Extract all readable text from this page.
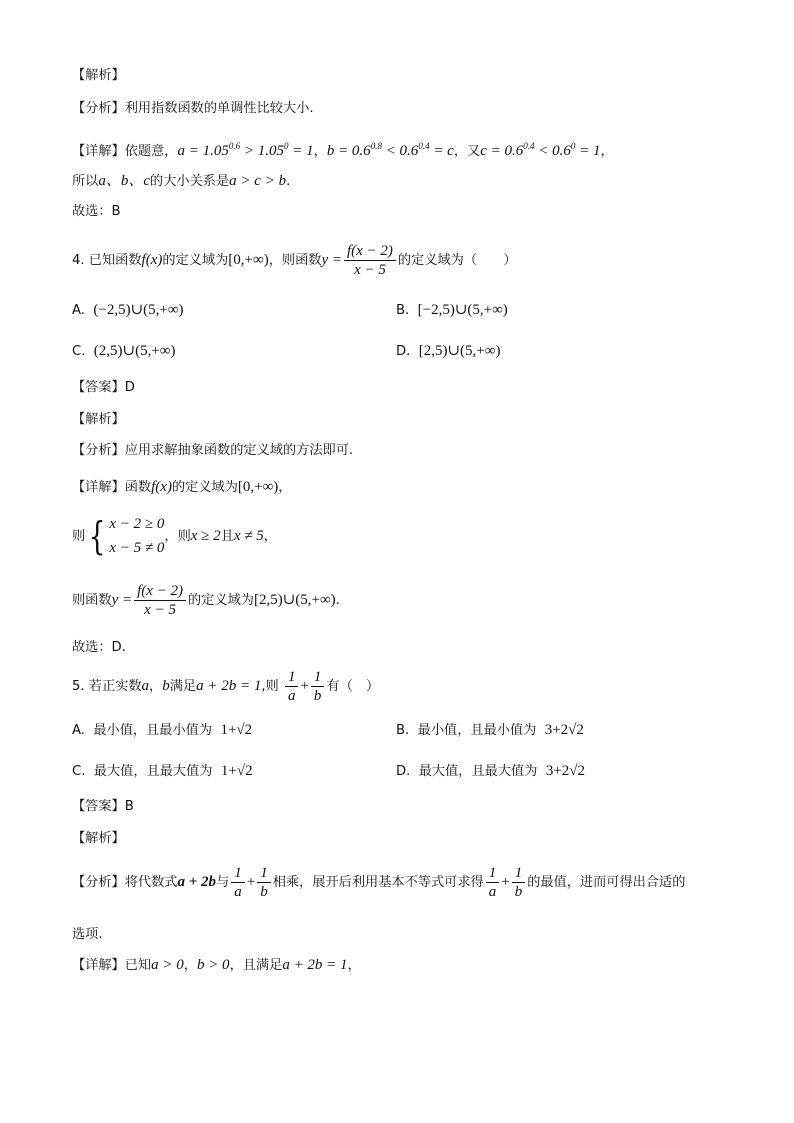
【解析】
【分析】利用指数函数的单调性比较大小.
【详解】依题意，$a = 1.05^{0.6} > 1.05^0 = 1$，$b = 0.6^{0.8} < 0.6^{0.4} = c$，又$c = 0.6^{0.4} < 0.6^0 = 1$，
所以a、b、c的大小关系是a > c > b.
故选：B
4. 已知函数f(x)的定义域为[0,+∞)，则函数$y = \frac{f(x - 2)}{x - 5}$ 的定义域为（　　）
A. (−2,5)∪(5,+∞)	B. [−2,5)∪(5,+∞)
C. (2,5)∪(5,+∞)	D. [2,5)∪(5,+∞)
【答案】D
【解析】
【分析】应用求解抽象函数的定义域的方法即可.
【详解】函数f(x)的定义域为[0,+∞)，
则 { x − 2 ≥ 0
x − 5 ≠ 0
，则x ≥ 2且x ≠ 5，
则函数$y = \frac{f(x - 2)}{x - 5}$ 的定义域为[2,5)∪(5,+∞).
故选：D.
5. 若正实数a，b满足a + 2b = 1,则 $\frac{1}{a} + \frac{1}{b}$ 有（　）
A. 最小值，且最小值为 1+√2	B. 最小值，且最小值为 3+2√2
C. 最大值，且最大值为 1+√2	D. 最大值，且最大值为 3+2√2
【答案】B
【解析】
【分析】将代数式a + 2b与 $\frac{1}{a} + \frac{1}{b}$ 相乘，展开后利用基本不等式可求得 $\frac{1}{a} + \frac{1}{b}$ 的最值，进而可得出合适的
选项.
【详解】已知a > 0，b > 0，且满足a + 2b = 1，
